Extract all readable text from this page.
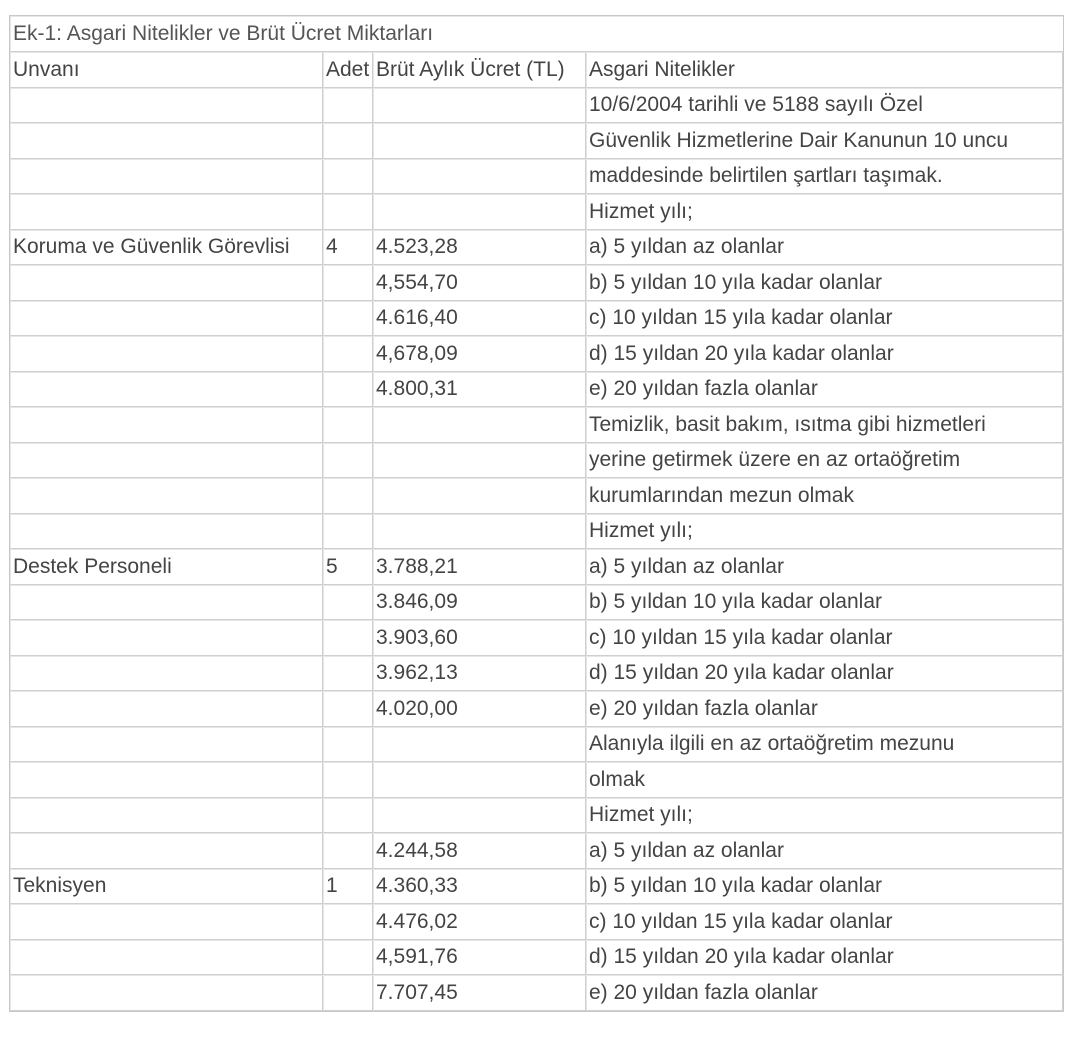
Ek-1: Asgari Nitelikler ve Brüt Ücret Miktarları			
Unvanı	Adet	Brüt Aylık Ücret (TL)	Asgari Nitelikler
			10/6/2004 tarihli ve 5188 sayılı Özel
			Güvenlik Hizmetlerine Dair Kanunun 10 uncu
			maddesinde belirtilen şartları taşımak.
			Hizmet yılı;
Koruma ve Güvenlik Görevlisi	4	4.523,28	a) 5 yıldan az olanlar
		4,554,70	b) 5 yıldan 10 yıla kadar olanlar
		4.616,40	c) 10 yıldan 15 yıla kadar olanlar
		4,678,09	d) 15 yıldan 20 yıla kadar olanlar
		4.800,31	e) 20 yıldan fazla olanlar
			Temizlik, basit bakım, ısıtma gibi hizmetleri
			yerine getirmek üzere en az ortaöğretim
			kurumlarından mezun olmak
			Hizmet yılı;
Destek Personeli	5	3.788,21	a) 5 yıldan az olanlar
		3.846,09	b) 5 yıldan 10 yıla kadar olanlar
		3.903,60	c) 10 yıldan 15 yıla kadar olanlar
		3.962,13	d) 15 yıldan 20 yıla kadar olanlar
		4.020,00	e) 20 yıldan fazla olanlar
			Alanıyla ilgili en az ortaöğretim mezunu
			olmak
			Hizmet yılı;
		4.244,58	a) 5 yıldan az olanlar
Teknisyen	1	4.360,33	b) 5 yıldan 10 yıla kadar olanlar
		4.476,02	c) 10 yıldan 15 yıla kadar olanlar
		4,591,76	d) 15 yıldan 20 yıla kadar olanlar
		7.707,45	e) 20 yıldan fazla olanlar
